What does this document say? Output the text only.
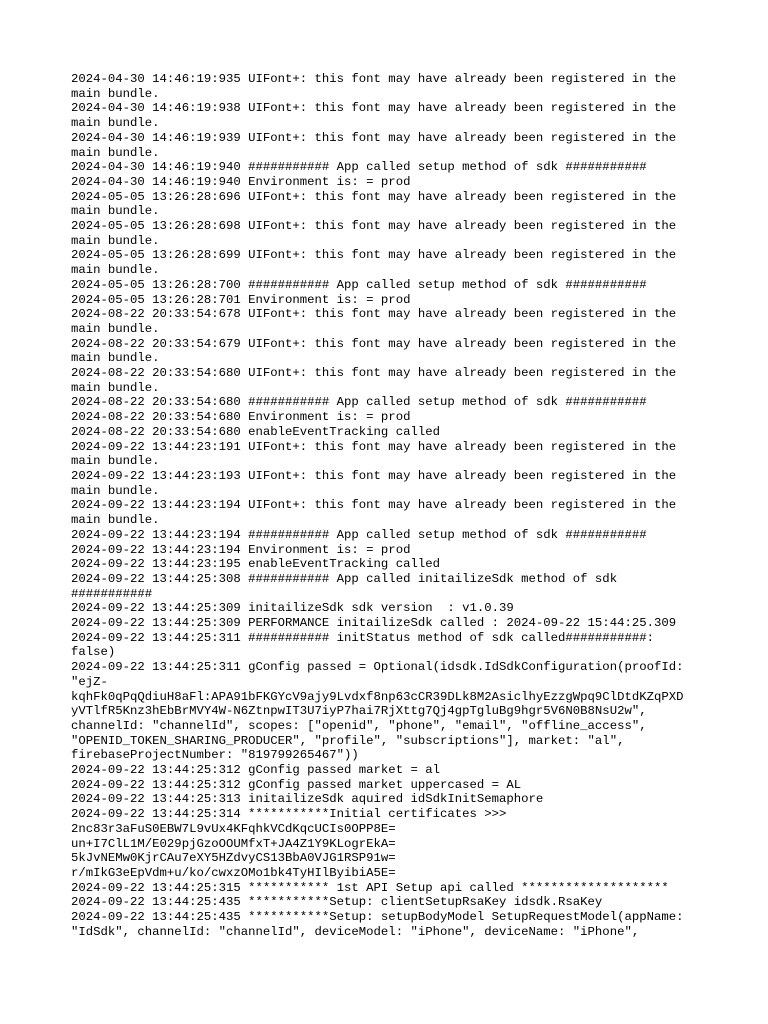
2024-04-30 14:46:19:935 UIFont+: this font may have already been registered in the
main bundle.
2024-04-30 14:46:19:938 UIFont+: this font may have already been registered in the
main bundle.
2024-04-30 14:46:19:939 UIFont+: this font may have already been registered in the
main bundle.
2024-04-30 14:46:19:940 ########### App called setup method of sdk ###########
2024-04-30 14:46:19:940 Environment is: = prod
2024-05-05 13:26:28:696 UIFont+: this font may have already been registered in the
main bundle.
2024-05-05 13:26:28:698 UIFont+: this font may have already been registered in the
main bundle.
2024-05-05 13:26:28:699 UIFont+: this font may have already been registered in the
main bundle.
2024-05-05 13:26:28:700 ########### App called setup method of sdk ###########
2024-05-05 13:26:28:701 Environment is: = prod
2024-08-22 20:33:54:678 UIFont+: this font may have already been registered in the
main bundle.
2024-08-22 20:33:54:679 UIFont+: this font may have already been registered in the
main bundle.
2024-08-22 20:33:54:680 UIFont+: this font may have already been registered in the
main bundle.
2024-08-22 20:33:54:680 ########### App called setup method of sdk ###########
2024-08-22 20:33:54:680 Environment is: = prod
2024-08-22 20:33:54:680 enableEventTracking called
2024-09-22 13:44:23:191 UIFont+: this font may have already been registered in the
main bundle.
2024-09-22 13:44:23:193 UIFont+: this font may have already been registered in the
main bundle.
2024-09-22 13:44:23:194 UIFont+: this font may have already been registered in the
main bundle.
2024-09-22 13:44:23:194 ########### App called setup method of sdk ###########
2024-09-22 13:44:23:194 Environment is: = prod
2024-09-22 13:44:23:195 enableEventTracking called
2024-09-22 13:44:25:308 ########### App called initailizeSdk method of sdk
###########
2024-09-22 13:44:25:309 initailizeSdk sdk version  : v1.0.39
2024-09-22 13:44:25:309 PERFORMANCE initailizeSdk called : 2024-09-22 15:44:25.309
2024-09-22 13:44:25:311 ########### initStatus method of sdk called###########:
false)
2024-09-22 13:44:25:311 gConfig passed = Optional(idsdk.IdSdkConfiguration(proofId:
"ejZ-
kqhFk0qPqQdiuH8aFl:APA91bFKGYcV9ajy9Lvdxf8np63cCR39DLk8M2AsiclhyEzzgWpq9ClDtdKZqPXD
yVTlfR5Knz3hEbBrMVY4W-N6ZtnpwIT3U7iyP7hai7RjXttg7Qj4gpTgluBg9hgr5V6N0B8NsU2w",
channelId: "channelId", scopes: ["openid", "phone", "email", "offline_access",
"OPENID_TOKEN_SHARING_PRODUCER", "profile", "subscriptions"], market: "al",
firebaseProjectNumber: "819799265467"))
2024-09-22 13:44:25:312 gConfig passed market = al
2024-09-22 13:44:25:312 gConfig passed market uppercased = AL
2024-09-22 13:44:25:313 initailizeSdk aquired idSdkInitSemaphore
2024-09-22 13:44:25:314 ***********Initial certificates >>>
2nc83r3aFuS0EBW7L9vUx4KFqhkVCdKqcUCIs0OPP8E=
un+I7ClL1M/E029pjGzoOOUMfxT+JA4Z1Y9KLogrEkA=
5kJvNEMw0KjrCAu7eXY5HZdvyCS13BbA0VJG1RSP91w=
r/mIkG3eEpVdm+u/ko/cwxzOMo1bk4TyHIlByibiA5E=
2024-09-22 13:44:25:315 *********** 1st API Setup api called ********************
2024-09-22 13:44:25:435 ***********Setup: clientSetupRsaKey idsdk.RsaKey
2024-09-22 13:44:25:435 ***********Setup: setupBodyModel SetupRequestModel(appName:
"IdSdk", channelId: "channelId", deviceModel: "iPhone", deviceName: "iPhone",
